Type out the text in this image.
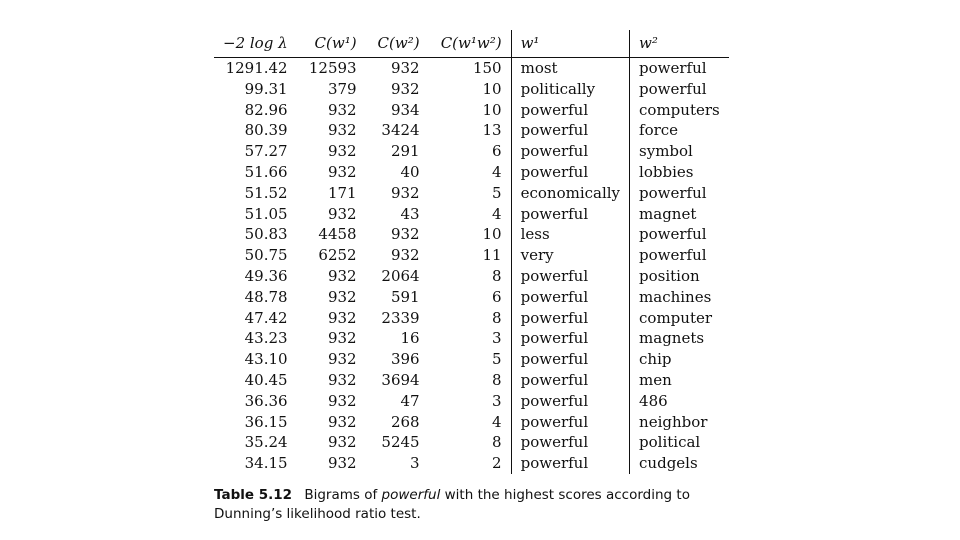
−2 log λ	C(w¹)	C(w²)	C(w¹w²)	w¹	w²
1291.42	12593	932	150	most	powerful
99.31	379	932	10	politically	powerful
82.96	932	934	10	powerful	computers
80.39	932	3424	13	powerful	force
57.27	932	291	6	powerful	symbol
51.66	932	40	4	powerful	lobbies
51.52	171	932	5	economically	powerful
51.05	932	43	4	powerful	magnet
50.83	4458	932	10	less	powerful
50.75	6252	932	11	very	powerful
49.36	932	2064	8	powerful	position
48.78	932	591	6	powerful	machines
47.42	932	2339	8	powerful	computer
43.23	932	16	3	powerful	magnets
43.10	932	396	5	powerful	chip
40.45	932	3694	8	powerful	men
36.36	932	47	3	powerful	486
36.15	932	268	4	powerful	neighbor
35.24	932	5245	8	powerful	political
34.15	932	3	2	powerful	cudgels
Table 5.12 Bigrams of powerful with the highest scores according to Dunning’s likelihood ratio test.
